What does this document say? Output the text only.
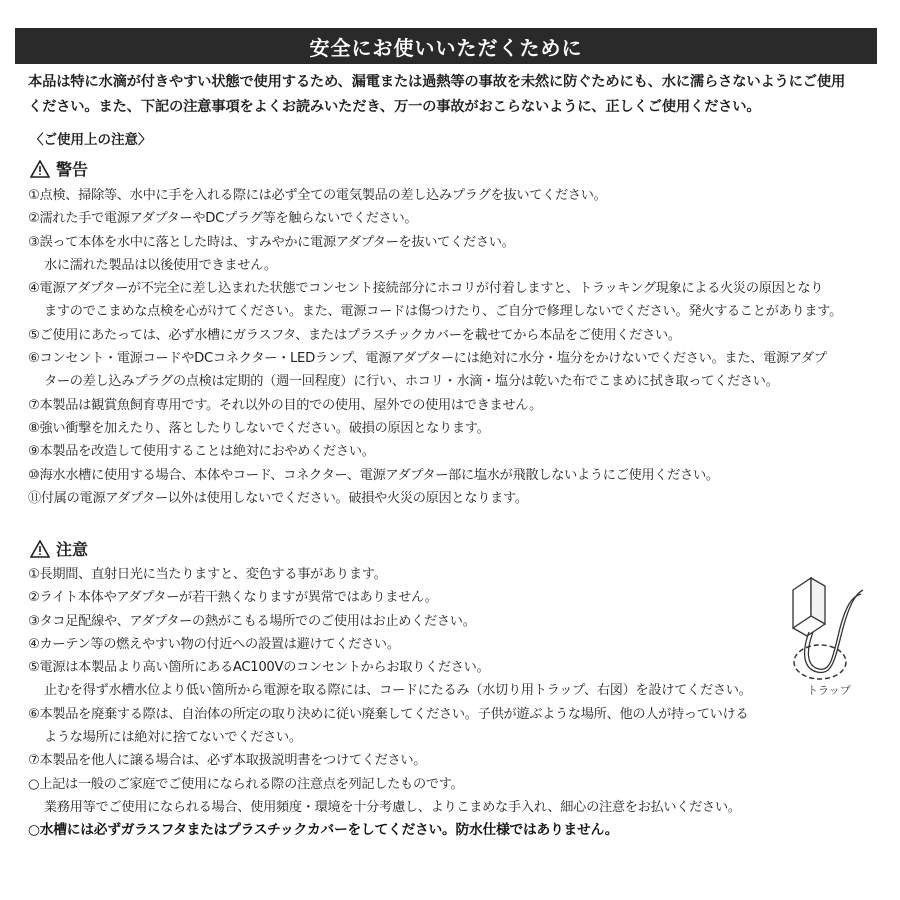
安全にお使いいただくために
本品は特に水滴が付きやすい状態で使用するため、漏電または過熱等の事故を未然に防ぐためにも、水に濡らさないようにご使用
ください。また、下記の注意事項をよくお読みいただき、万一の事故がおこらないように、正しくご使用ください。
〈ご使用上の注意〉
警告
①点検、掃除等、水中に手を入れる際には必ず全ての電気製品の差し込みプラグを抜いてください。
②濡れた手で電源アダプターやDCプラグ等を触らないでください。
③誤って本体を水中に落とした時は、すみやかに電源アダプターを抜いてください。
水に濡れた製品は以後使用できません。
④電源アダプターが不完全に差し込まれた状態でコンセント接続部分にホコリが付着しますと、トラッキング現象による火災の原因となり
ますのでこまめな点検を心がけてください。また、電源コードは傷つけたり、ご自分で修理しないでください。発火することがあります。
⑤ご使用にあたっては、必ず水槽にガラスフタ、またはプラスチックカバーを載せてから本品をご使用ください。
⑥コンセント・電源コードやDCコネクター・LEDランプ、電源アダプターには絶対に水分・塩分をかけないでください。また、電源アダプ
ターの差し込みプラグの点検は定期的（週一回程度）に行い、ホコリ・水滴・塩分は乾いた布でこまめに拭き取ってください。
⑦本製品は観賞魚飼育専用です。それ以外の目的での使用、屋外での使用はできません。
⑧強い衝撃を加えたり、落としたりしないでください。破損の原因となります。
⑨本製品を改造して使用することは絶対におやめください。
⑩海水水槽に使用する場合、本体やコード、コネクター、電源アダプター部に塩水が飛散しないようにご使用ください。
⑪付属の電源アダプター以外は使用しないでください。破損や火災の原因となります。
注意
①長期間、直射日光に当たりますと、変色する事があります。
②ライト本体やアダプターが若干熱くなりますが異常ではありません。
③タコ足配線や、アダプターの熱がこもる場所でのご使用はお止めください。
④カーテン等の燃えやすい物の付近への設置は避けてください。
⑤電源は本製品より高い箇所にあるAC100Vのコンセントからお取りください。
止むを得ず水槽水位より低い箇所から電源を取る際には、コードにたるみ（水切り用トラップ、右図）を設けてください。
⑥本製品を廃棄する際は、自治体の所定の取り決めに従い廃棄してください。子供が遊ぶような場所、他の人が持っていける
ような場所には絶対に捨てないでください。
⑦本製品を他人に譲る場合は、必ず本取扱説明書をつけてください。
○上記は一般のご家庭でご使用になられる際の注意点を列記したものです。
業務用等でご使用になられる場合、使用頻度・環境を十分考慮し、よりこまめな手入れ、細心の注意をお払いください。
○水槽には必ずガラスフタまたはプラスチックカバーをしてください。防水仕様ではありません。
トラップ
